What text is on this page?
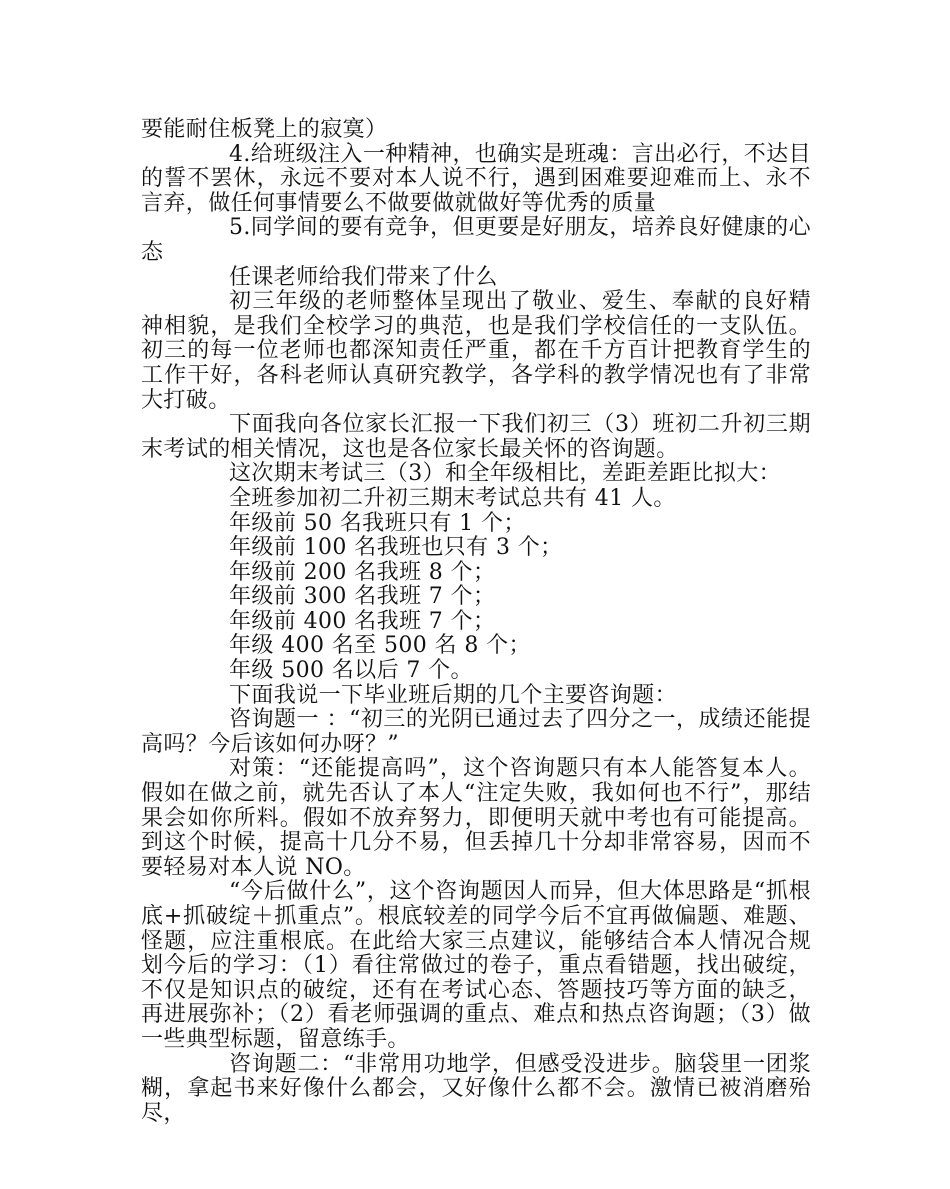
要能耐住板凳上的寂寞）

4.给班级注入一种精神，也确实是班魂：言出必行，不达目的誓不罢休，永远不要对本人说不行，遇到困难要迎难而上、永不言弃，做任何事情要么不做要做就做好等优秀的质量

5.同学间的要有竞争，但更要是好朋友，培养良好健康的心态

任课老师给我们带来了什么

初三年级的老师整体呈现出了敬业、爱生、奉献的良好精神相貌，是我们全校学习的典范，也是我们学校信任的一支队伍。初三的每一位老师也都深知责任严重，都在千方百计把教育学生的工作干好，各科老师认真研究教学，各学科的教学情况也有了非常大打破。

下面我向各位家长汇报一下我们初三（3）班初二升初三期末考试的相关情况，这也是各位家长最关怀的咨询题。

这次期末考试三（3）和全年级相比，差距差距比拟大：

全班参加初二升初三期末考试总共有 41 人。

年级前 50 名我班只有 1 个；

年级前 100 名我班也只有 3 个；

年级前 200 名我班 8 个；

年级前 300 名我班 7 个；

年级前 400 名我班 7 个；

年级 400 名至 500 名 8 个；

年级 500 名以后 7 个。

下面我说一下毕业班后期的几个主要咨询题：

咨询题一 ：“初三的光阴已通过去了四分之一，成绩还能提高吗？今后该如何办呀？”

对策：“还能提高吗”，这个咨询题只有本人能答复本人。假如在做之前，就先否认了本人“注定失败，我如何也不行”，那结果会如你所料。假如不放弃努力，即便明天就中考也有可能提高。到这个时候，提高十几分不易，但丢掉几十分却非常容易，因而不要轻易对本人说 NO。

“今后做什么”，这个咨询题因人而异，但大体思路是“抓根底+抓破绽＋抓重点”。根底较差的同学今后不宜再做偏题、难题、怪题，应注重根底。在此给大家三点建议，能够结合本人情况合规划今后的学习：（1）看往常做过的卷子，重点看错题，找出破绽，不仅是知识点的破绽，还有在考试心态、答题技巧等方面的缺乏，再进展弥补；（2）看老师强调的重点、难点和热点咨询题；（3）做一些典型标题，留意练手。

咨询题二：“非常用功地学，但感受没进步。脑袋里一团浆糊，拿起书来好像什么都会，又好像什么都不会。激情已被消磨殆尽，
